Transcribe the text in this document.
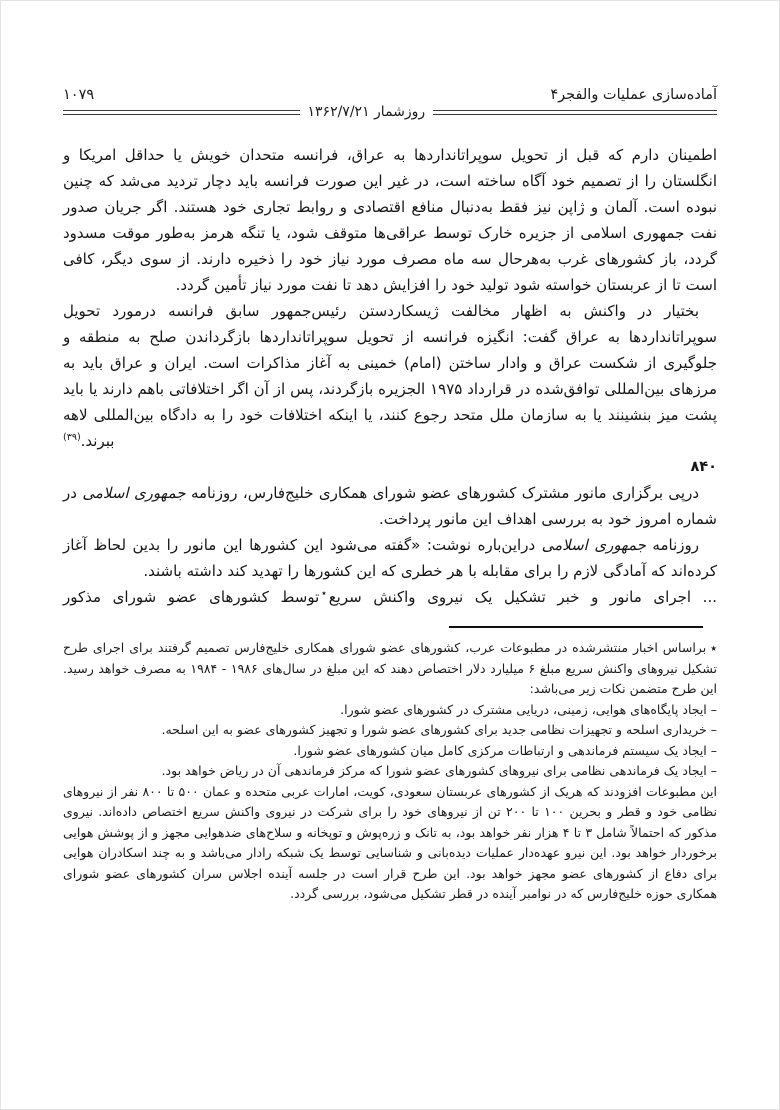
آماده‌سازی عملیات والفجر۴
۱۰۷۹
روزشمار ۱۳۶۲/۷/۲۱

اطمینان دارم که قبل از تحویل سوپراتانداردها به عراق، فرانسه متحدان خویش یا حداقل امریکا و انگلستان را از تصمیم خود آگاه ساخته است، در غیر این صورت فرانسه باید دچار تردید می‌شد که چنین نبوده است. آلمان و ژاپن نیز فقط به‌دنبال منافع اقتصادی و روابط تجاری خود هستند. اگر جریان صدور نفت جمهوری اسلامی از جزیره خارک توسط عراقی‌ها متوقف شود، یا تنگه هرمز به‌طور موقت مسدود گردد، باز کشورهای غرب به‌هرحال سه ماه مصرف مورد نیاز خود را ذخیره دارند. از سوی دیگر، کافی است تا از عربستان خواسته شود تولید خود را افزایش دهد تا نفت مورد نیاز تأمین گردد.

بختیار در واکنش به اظهار مخالفت ژیسکاردستن رئیس‌جمهور سابق فرانسه درمورد تحویل سوپراتانداردها به عراق گفت: انگیزه فرانسه از تحویل سوپراتانداردها بازگرداندن صلح به منطقه و جلوگیری از شکست عراق و وادار ساختن (امام) خمینی به آغاز مذاکرات است. ایران و عراق باید به مرزهای بین‌المللی توافق‌شده در قرارداد ۱۹۷۵ الجزیره بازگردند، پس از آن اگر اختلافاتی باهم دارند یا باید پشت میز بنشینند یا به سازمان ملل متحد رجوع کنند، یا اینکه اختلافات خود را به دادگاه بین‌المللی لاهه ببرند.$^{(۳۹)}$

۸۴۰

درپی برگزاری مانور مشترک کشورهای عضو شورای همکاری خلیج‌فارس، روزنامه جمهوری اسلامی در شماره امروز خود به بررسی اهداف این مانور پرداخت.

روزنامه جمهوری اسلامی دراین‌باره نوشت: «گفته می‌شود این کشورها این مانور را بدین لحاظ آغاز کرده‌اند که آمادگی لازم را برای مقابله با هر خطری که این کشورها را تهدید کند داشته باشند.

... اجرای مانور و خبر تشکیل یک نیروی واکنش سریع٭توسط کشورهای عضو شورای مذکور

٭براساس اخبار منتشرشده در مطبوعات عرب، کشورهای عضو شورای همکاری خلیج‌فارس تصمیم گرفتند برای اجرای طرح تشکیل نیروهای واکنش سریع مبلغ ۶ میلیارد دلار اختصاص دهند که این مبلغ در سال‌های ۱۹۸۶ - ۱۹۸۴ به مصرف خواهد رسید. این طرح متضمن نکات زیر می‌باشد:

– ایجاد پایگاه‌های هوایی، زمینی، دریایی مشترک در کشورهای عضو شورا.

– خریداری اسلحه و تجهیزات نظامی جدید برای کشورهای عضو شورا و تجهیز کشورهای عضو به این اسلحه.

– ایجاد یک سیستم فرماندهی و ارتباطات مرکزی کامل میان کشورهای عضو شورا.

– ایجاد یک فرماندهی نظامی برای نیروهای کشورهای عضو شورا که مرکز فرماندهی آن در ریاض خواهد بود.

این مطبوعات افزودند که هریک از کشورهای عربستان سعودی، کویت، امارات عربی متحده و عمان ۵۰۰ تا ۸۰۰ نفر از نیروهای نظامی خود و قطر و بحرین ۱۰۰ تا ۲۰۰ تن از نیروهای خود را برای شرکت در نیروی واکنش سریع اختصاص داده‌اند. نیروی مذکور که احتمالاً شامل ۳ تا ۴ هزار نفر خواهد بود، به تانک و زره‌پوش و توپخانه و سلاح‌های ضدهوایی مجهز و از پوشش هوایی برخوردار خواهد بود. این نیرو عهده‌دار عملیات دیده‌بانی و شناسایی توسط یک شبکه رادار می‌باشد و به چند اسکادران هوایی برای دفاع از کشورهای عضو مجهز خواهد بود. این طرح قرار است در جلسه آینده اجلاس سران کشورهای عضو شورای همکاری حوزه خلیج‌فارس که در نوامبر آینده در قطر تشکیل می‌شود، بررسی گردد.
